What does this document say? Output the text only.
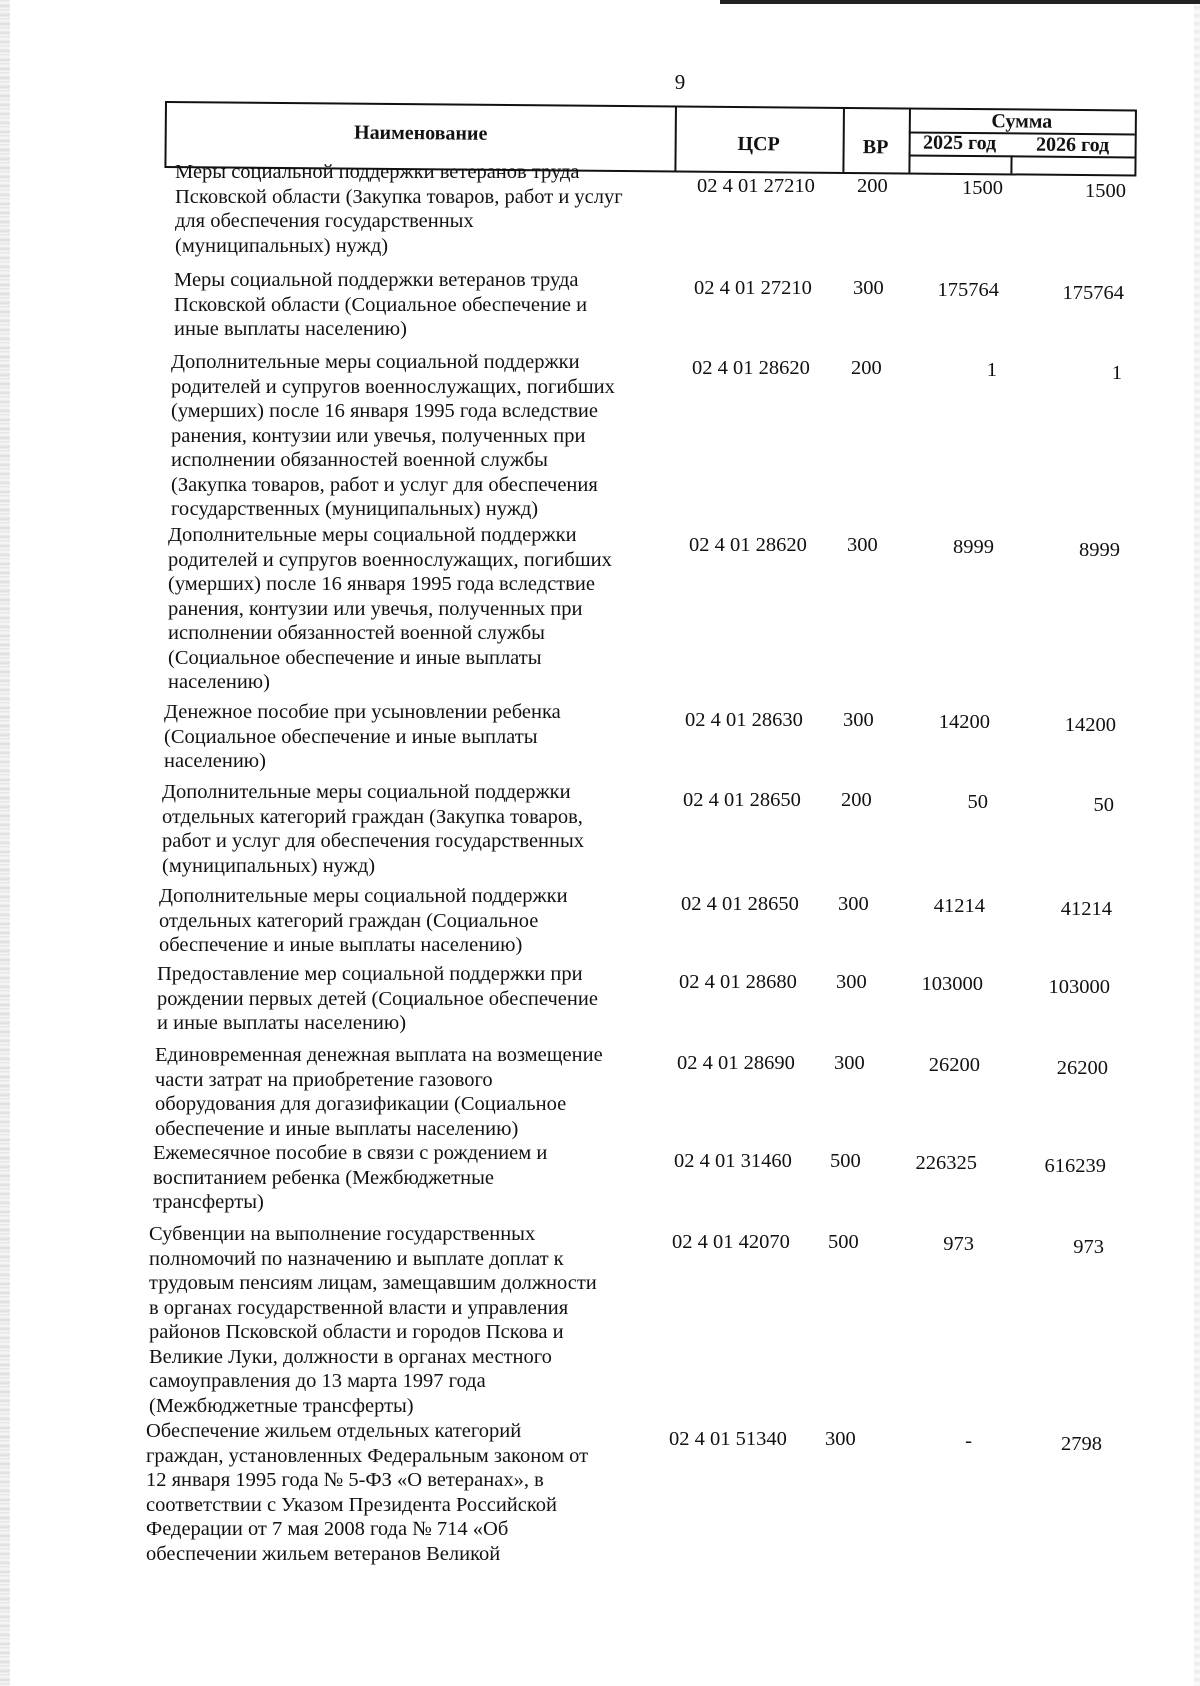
9
Наименование	ЦСР	ВР
Сумма
2025 год	2026 год
Меры социальной поддержки ветеранов труда
Псковской области (Закупка товаров, работ и услуг
для обеспечения государственных
(муниципальных) нужд)
02 4 01 27210 200	1500	1500
Меры социальной поддержки ветеранов труда
Псковской области (Социальное обеспечение и
иные выплаты населению)
02 4 01 27210 300	175764	175764
Дополнительные меры социальной поддержки
родителей и супругов военнослужащих, погибших
(умерших) после 16 января 1995 года вследствие
ранения, контузии или увечья, полученных при
исполнении обязанностей военной службы
(Закупка товаров, работ и услуг для обеспечения
государственных (муниципальных) нужд)
02 4 01 28620 200	1	1
Дополнительные меры социальной поддержки
родителей и супругов военнослужащих, погибших
(умерших) после 16 января 1995 года вследствие
ранения, контузии или увечья, полученных при
исполнении обязанностей военной службы
(Социальное обеспечение и иные выплаты
населению)
02 4 01 28620 300	8999	8999
Денежное пособие при усыновлении ребенка
(Социальное обеспечение и иные выплаты
населению)
02 4 01 28630 300	14200	14200
Дополнительные меры социальной поддержки
отдельных категорий граждан (Закупка товаров,
работ и услуг для обеспечения государственных
(муниципальных) нужд)
02 4 01 28650 200	50	50
Дополнительные меры социальной поддержки
отдельных категорий граждан (Социальное
обеспечение и иные выплаты населению)
02 4 01 28650 300	41214	41214
Предоставление мер социальной поддержки при
рождении первых детей (Социальное обеспечение
и иные выплаты населению)
02 4 01 28680 300	103000	103000
Единовременная денежная выплата на возмещение
части затрат на приобретение газового
оборудования для догазификации (Социальное
обеспечение и иные выплаты населению)
02 4 01 28690 300	26200	26200
Ежемесячное пособие в связи с рождением и
воспитанием ребенка (Межбюджетные
трансферты)
02 4 01 31460 500	226325	616239
Субвенции на выполнение государственных
полномочий по назначению и выплате доплат к
трудовым пенсиям лицам, замещавшим должности
в органах государственной власти и управления
районов Псковской области и городов Пскова и
Великие Луки, должности в органах местного
самоуправления до 13 марта 1997 года
(Межбюджетные трансферты)
02 4 01 42070 500	973	973
Обеспечение жильем отдельных категорий
граждан, установленных Федеральным законом от
12 января 1995 года № 5-ФЗ «О ветеранах», в
соответствии с Указом Президента Российской
Федерации от 7 мая 2008 года № 714 «Об
обеспечении жильем ветеранов Великой
02 4 01 51340 300	-	2798
